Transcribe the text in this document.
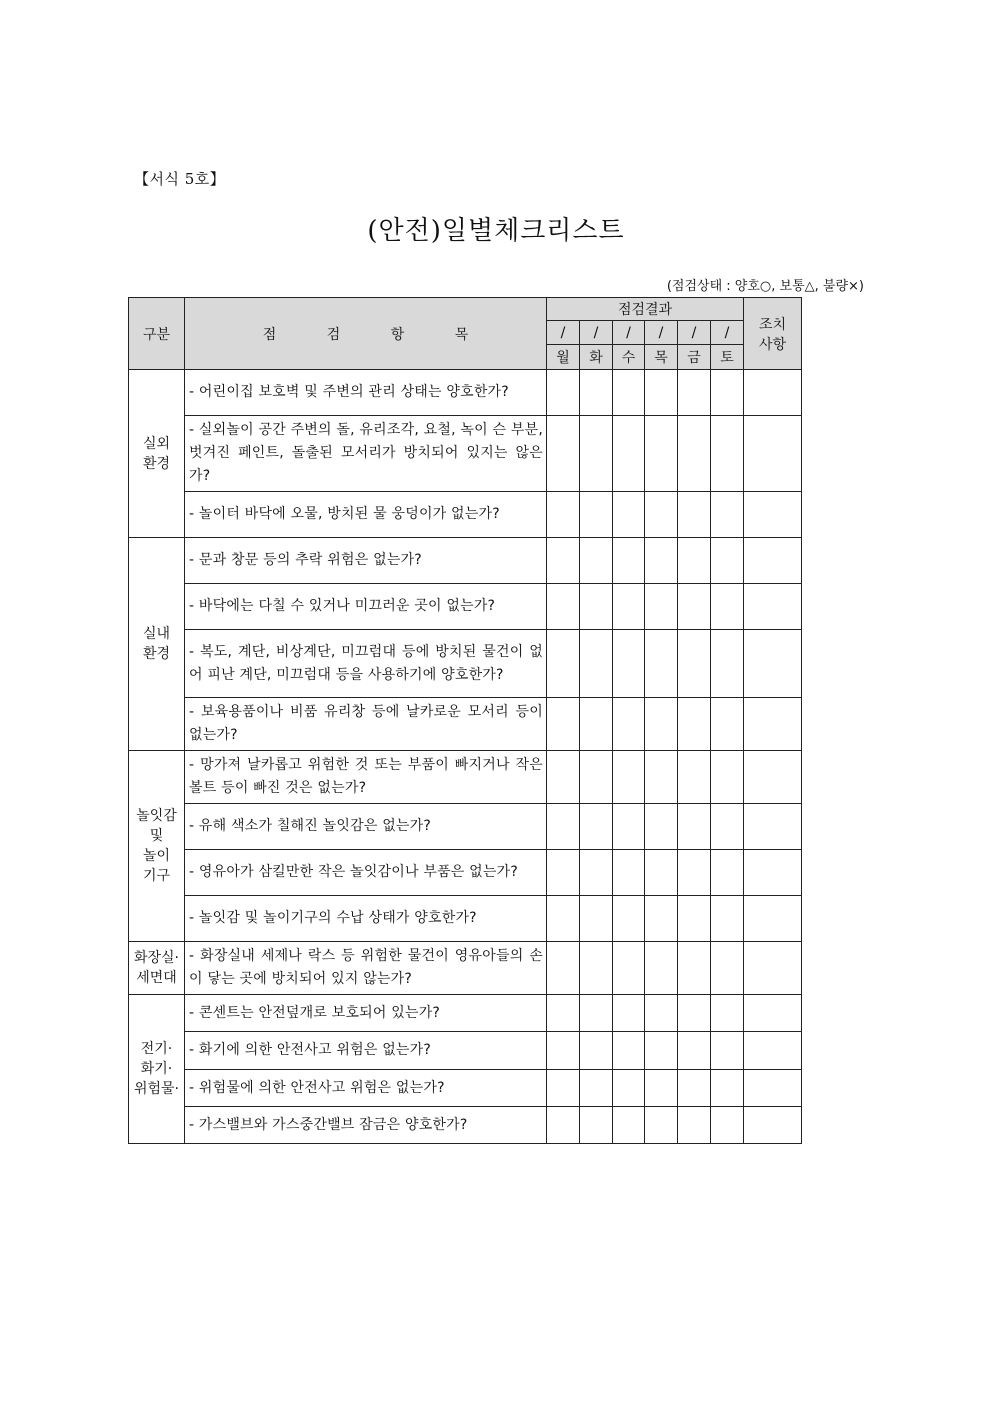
【서식 5호】
(안전)일별체크리스트
(점검상태 : 양호○, 보통△, 불량×)
구분	점 검 항 목	점검결과						조치
사항

		/	/	/	/	/	/	
		월	화	수	목	금	토	

실외
환경	- 어린이집 보호벽 및 주변의 관리 상태는 양호한가?							
	- 실외놀이 공간 주변의 돌, 유리조각, 요철, 녹이 슨 부분, 벗겨진 페인트, 돌출된 모서리가 방치되어 있지는 않은가?							
	- 놀이터 바닥에 오물, 방치된 물 웅덩이가 없는가?							

실내
환경	- 문과 창문 등의 추락 위험은 없는가?							
	- 바닥에는 다칠 수 있거나 미끄러운 곳이 없는가?							
	- 복도, 계단, 비상계단, 미끄럼대 등에 방치된 물건이 없어 피난 계단, 미끄럼대 등을 사용하기에 양호한가?							
	- 보육용품이나 비품 유리창 등에 날카로운 모서리 등이 없는가?							

놀잇감
및
놀이
기구	- 망가져 날카롭고 위험한 것 또는 부품이 빠지거나 작은 볼트 등이 빠진 것은 없는가?							
	- 유해 색소가 칠해진 놀잇감은 없는가?							
	- 영유아가 삼킬만한 작은 놀잇감이나 부품은 없는가?							
	- 놀잇감 및 놀이기구의 수납 상태가 양호한가?							

화장실·
세면대	- 화장실내 세제나 락스 등 위험한 물건이 영유아들의 손이 닿는 곳에 방치되어 있지 않는가?							

전기·
화기·
위험물·	- 콘센트는 안전덮개로 보호되어 있는가?							
	- 화기에 의한 안전사고 위험은 없는가?							
	- 위험물에 의한 안전사고 위험은 없는가?							
	- 가스밸브와 가스중간밸브 잠금은 양호한가?							
